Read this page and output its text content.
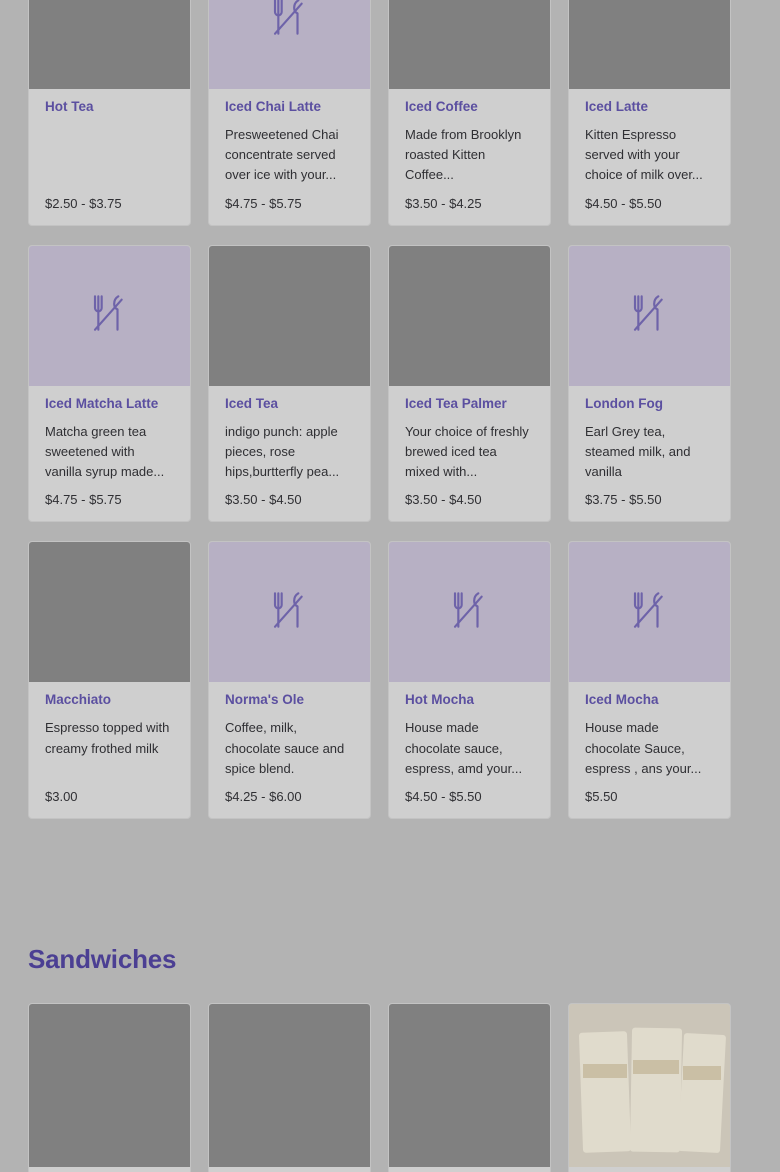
Hot Tea
$2.50 - $3.75
Iced Chai Latte
Presweetened Chai concentrate served over ice with your...
$4.75 - $5.75
Iced Coffee
Made from Brooklyn roasted Kitten Coffee...
$3.50 - $4.25
Iced Latte
Kitten Espresso served with your choice of milk over...
$4.50 - $5.50
Iced Matcha Latte
Matcha green tea sweetened with vanilla syrup made...
$4.75 - $5.75
Iced Tea
indigo punch: apple pieces, rose hips,burtterfly pea...
$3.50 - $4.50
Iced Tea Palmer
Your choice of freshly brewed iced tea mixed with...
$3.50 - $4.50
London Fog
Earl Grey tea, steamed milk, and vanilla
$3.75 - $5.50
Macchiato
Espresso topped with creamy frothed milk
$3.00
Norma's Ole
Coffee, milk, chocolate sauce and spice blend.
$4.25 - $6.00
Hot Mocha
House made chocolate sauce, espress, amd your...
$4.50 - $5.50
Iced Mocha
House made chocolate Sauce, espress , ans your...
$5.50
Sandwiches
